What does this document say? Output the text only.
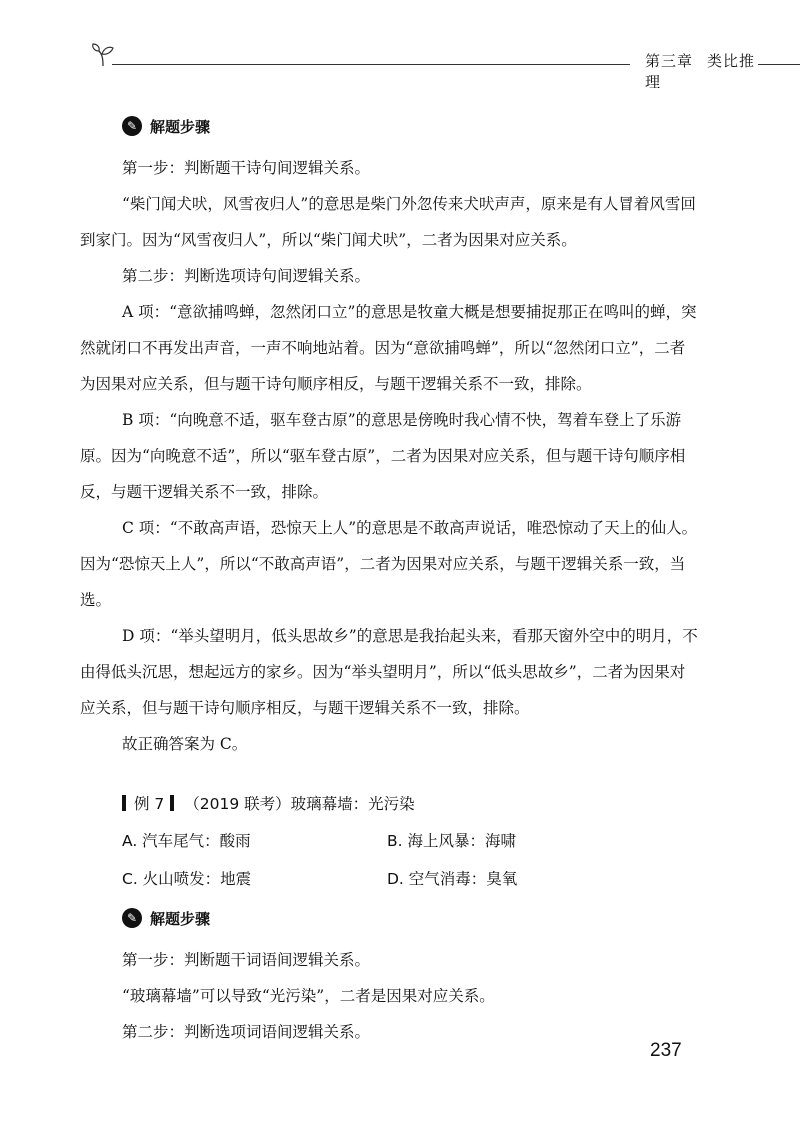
第三章 类比推理
✎ 解题步骤

第一步：判断题干诗句间逻辑关系。

“柴门闻犬吠，风雪夜归人”的意思是柴门外忽传来犬吠声声，原来是有人冒着风雪回到家门。因为“风雪夜归人”，所以“柴门闻犬吠”，二者为因果对应关系。

第二步：判断选项诗句间逻辑关系。

A 项：“意欲捕鸣蝉，忽然闭口立”的意思是牧童大概是想要捕捉那正在鸣叫的蝉，突然就闭口不再发出声音，一声不响地站着。因为“意欲捕鸣蝉”，所以“忽然闭口立”，二者为因果对应关系，但与题干诗句顺序相反，与题干逻辑关系不一致，排除。

B 项：“向晚意不适，驱车登古原”的意思是傍晚时我心情不快，驾着车登上了乐游原。因为“向晚意不适”，所以“驱车登古原”，二者为因果对应关系，但与题干诗句顺序相反，与题干逻辑关系不一致，排除。

C 项：“不敢高声语，恐惊天上人”的意思是不敢高声说话，唯恐惊动了天上的仙人。因为“恐惊天上人”，所以“不敢高声语”，二者为因果对应关系，与题干逻辑关系一致，当选。

D 项：“举头望明月，低头思故乡”的意思是我抬起头来，看那天窗外空中的明月，不由得低头沉思，想起远方的家乡。因为“举头望明月”，所以“低头思故乡”，二者为因果对应关系，但与题干诗句顺序相反，与题干逻辑关系不一致，排除。

故正确答案为 C。

例 7 （2019 联考） 玻璃幕墙：光污染
A. 汽车尾气：酸雨	B. 海上风暴：海啸
C. 火山喷发：地震	D. 空气消毒：臭氧
✎ 解题步骤

第一步：判断题干词语间逻辑关系。

“玻璃幕墙”可以导致“光污染”，二者是因果对应关系。

第二步：判断选项词语间逻辑关系。

237
